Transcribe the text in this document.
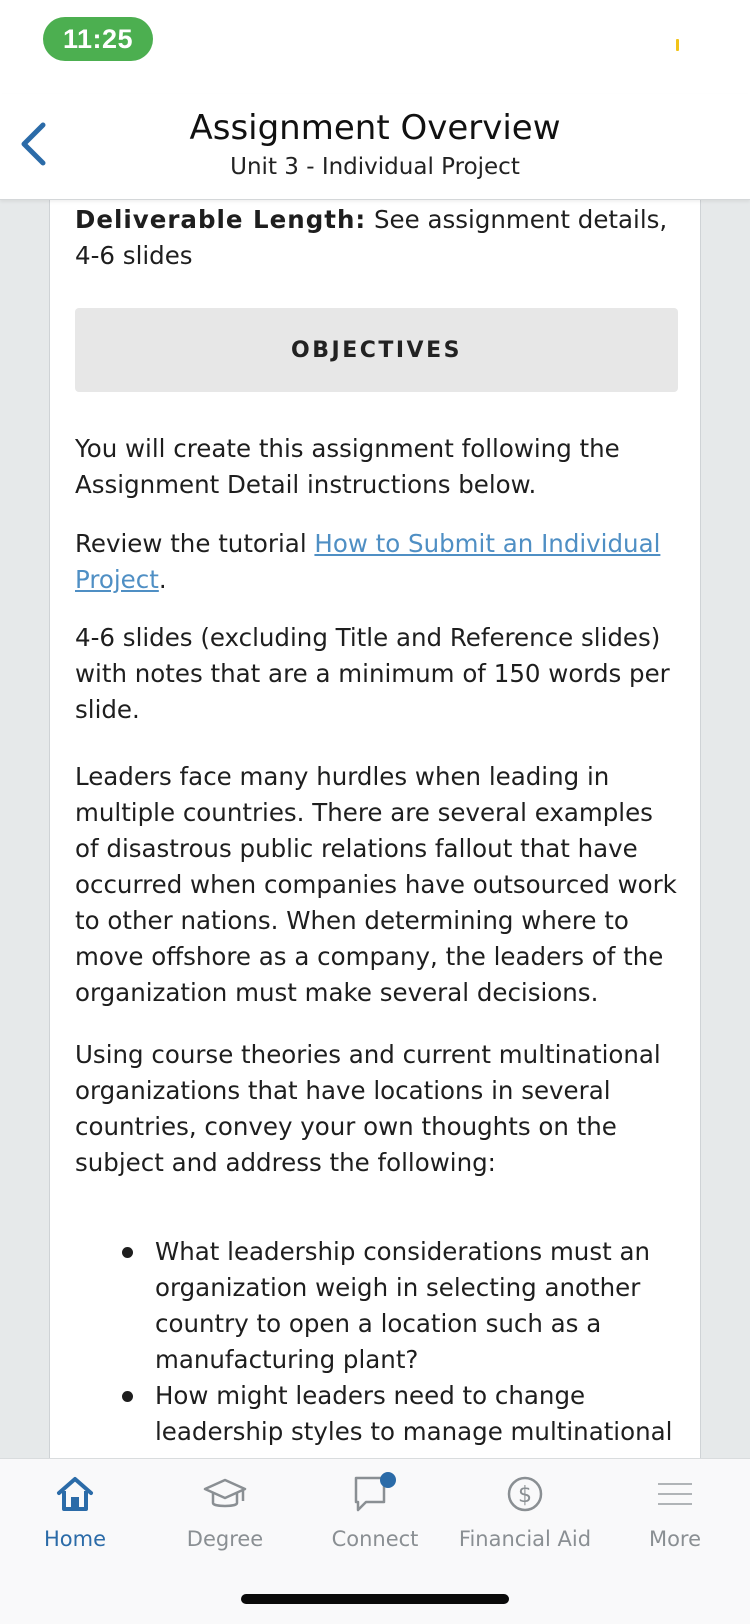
11:25
Assignment Overview
Unit 3 - Individual Project
Deliverable Length: See assignment details, 4-6 slides
OBJECTIVES
You will create this assignment following the Assignment Detail instructions below.
Review the tutorial How to Submit an Individual Project.
4-6 slides (excluding Title and Reference slides) with notes that are a minimum of 150 words per slide.
Leaders face many hurdles when leading in multiple countries. There are several examples of disastrous public relations fallout that have occurred when companies have outsourced work to other nations. When determining where to move offshore as a company, the leaders of the organization must make several decisions.
Using course theories and current multinational organizations that have locations in several countries, convey your own thoughts on the subject and address the following:
What leadership considerations must an organization weigh in selecting another country to open a location such as a manufacturing plant?
How might leaders need to change leadership styles to manage multinational
Home	Degree	Connect
$
Financial Aid	More
